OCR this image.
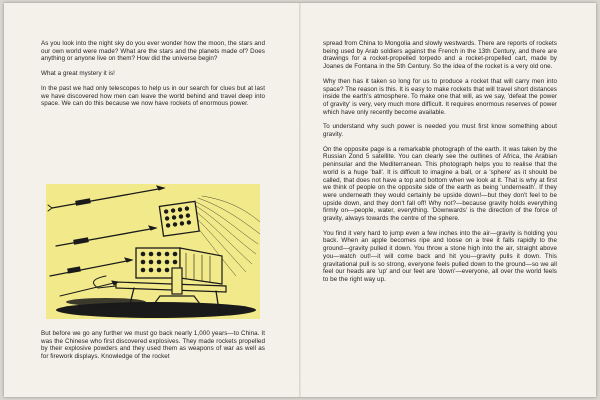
As you look into the night sky do you ever wonder how the moon, the stars and our own world were made? What are the stars and the planets made of? Does anything or anyone live on them? How did the universe begin?

What a great mystery it is!

In the past we had only telescopes to help us in our search for clues but at last we have discovered how men can leave the world behind and travel deep into space. We can do this because we now have rockets of enormous power.

But before we go any further we must go back nearly 1,000 years—to China. It was the Chinese who first discovered explosives. They made rockets propelled by their explosive powders and they used them as weapons of war as well as for firework displays. Knowledge of the rocket

spread from China to Mongolia and slowly westwards. There are reports of rockets being used by Arab soldiers against the French in the 13th Century, and there are drawings for a rocket-propelled torpedo and a rocket-propelled cart, made by Joanes de Fontana in the 5th Century. So the idea of the rocket is a very old one.

Why then has it taken so long for us to produce a rocket that will carry men into space? The reason is this. It is easy to make rockets that will travel short distances inside the earth's atmosphere. To make one that will, as we say, 'defeat the power of gravity' is very, very much more difficult. It requires enormous reserves of power which have only recently become available.

To understand why such power is needed you must first know something about gravity.

On the opposite page is a remarkable photograph of the earth. It was taken by the Russian Zond 5 satellite. You can clearly see the outlines of Africa, the Arabian peninsular and the Mediterranean. This photograph helps you to realise that the world is a huge 'ball'. It is difficult to imagine a ball, or a 'sphere' as it should be called, that does not have a top and bottom when we look at it. That is why at first we think of people on the opposite side of the earth as being 'underneath'. If they were underneath they would certainly be upside down!—but they don't feel to be upside down, and they don't fall off! Why not?—because gravity holds everything firmly on—people, water, everything. 'Downwards' is the direction of the force of gravity, always towards the centre of the sphere.

You find it very hard to jump even a few inches into the air—gravity is holding you back. When an apple becomes ripe and loose on a tree it falls rapidly to the ground—gravity pulled it down. You throw a stone high into the air, straight above you—watch out!—it will come back and hit you—gravity pulls it down. This gravitational pull is so strong, everyone feels pulled down to the ground—so we all feel our heads are 'up' and our feet are 'down'—everyone, all over the world feels to be the right way up.
